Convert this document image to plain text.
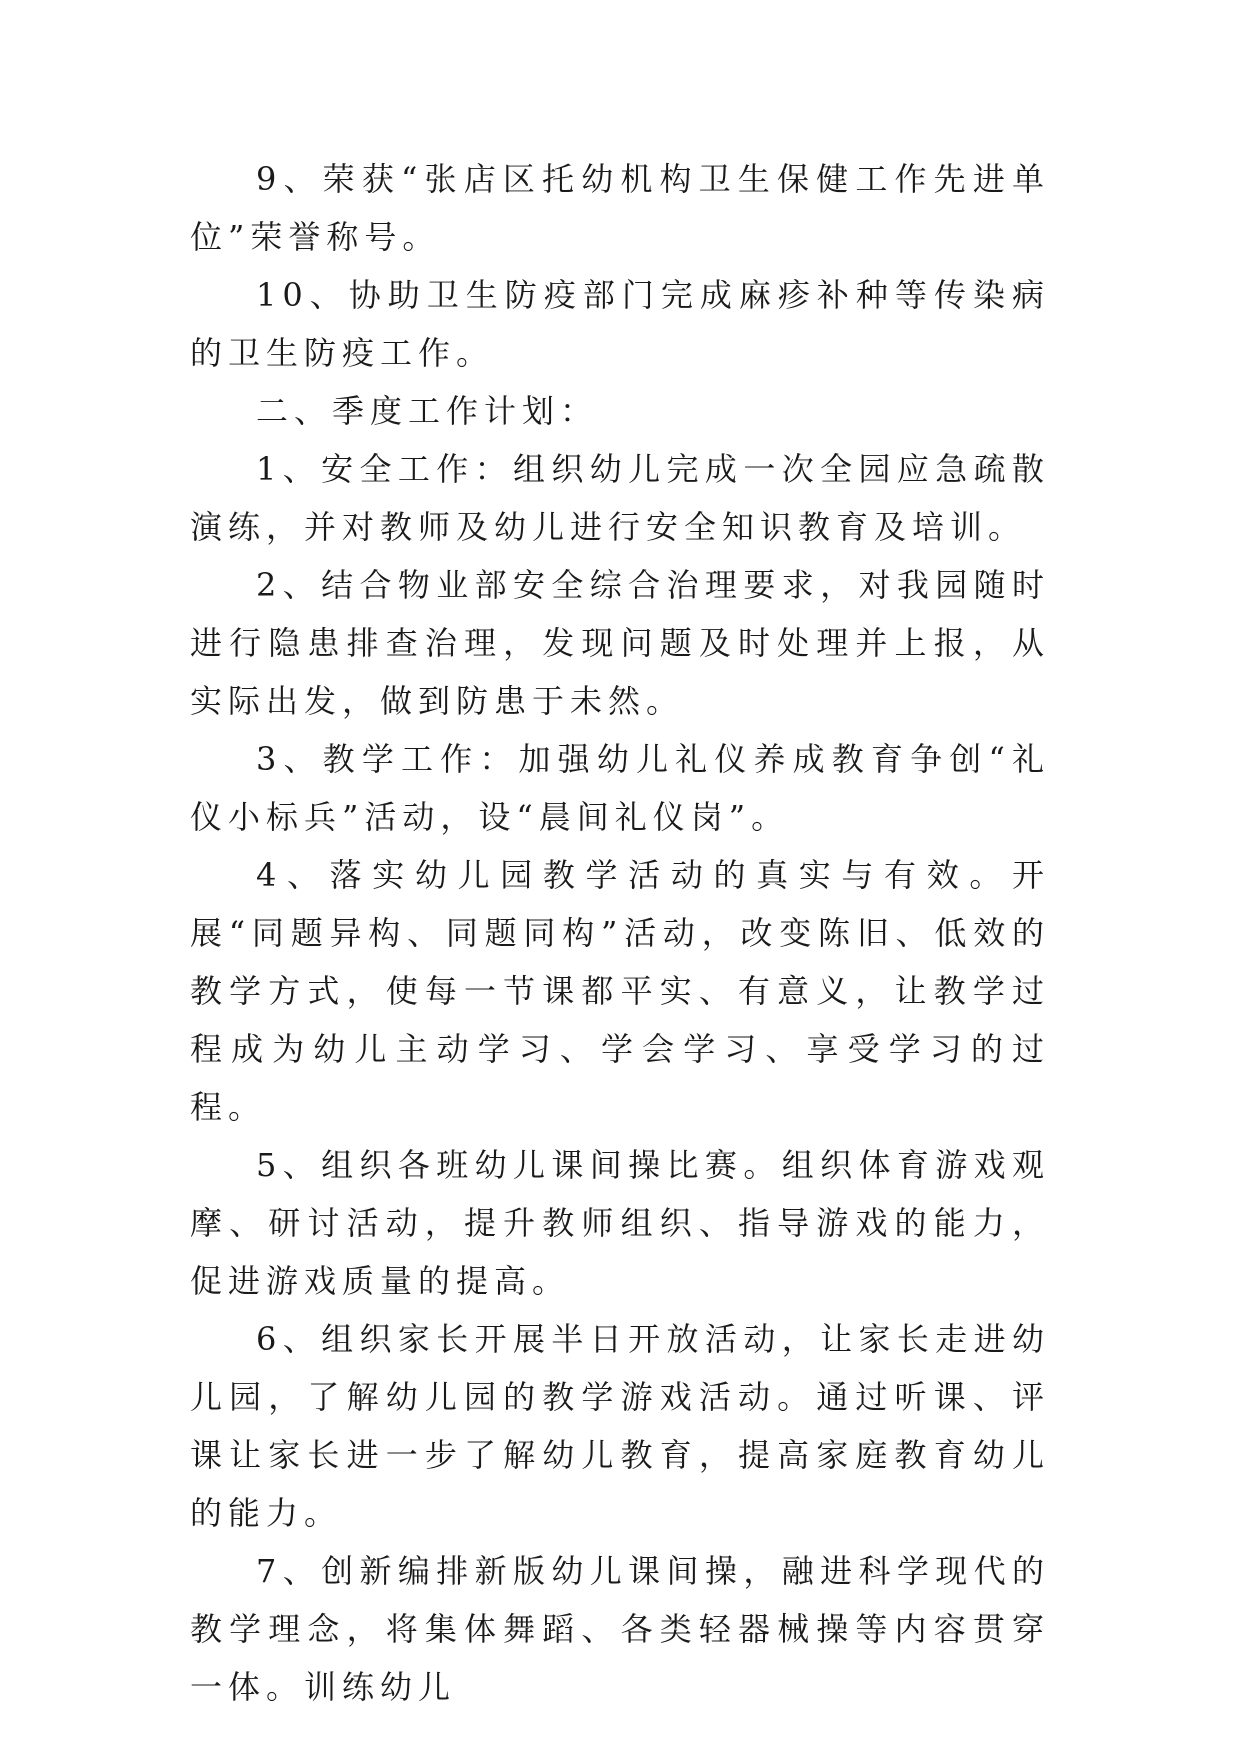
9、荣获“张店区托幼机构卫生保健工作先进单位”荣誉称号。

10、协助卫生防疫部门完成麻疹补种等传染病的卫生防疫工作。

二、季度工作计划：

1、安全工作：组织幼儿完成一次全园应急疏散演练，并对教师及幼儿进行安全知识教育及培训。

2、结合物业部安全综合治理要求，对我园随时进行隐患排查治理，发现问题及时处理并上报，从实际出发，做到防患于未然。

3、教学工作：加强幼儿礼仪养成教育争创“礼仪小标兵”活动，设“晨间礼仪岗”。

4、落实幼儿园教学活动的真实与有效。开展“同题异构、同题同构”活动，改变陈旧、低效的教学方式，使每一节课都平实、有意义，让教学过程成为幼儿主动学习、学会学习、享受学习的过程。

5、组织各班幼儿课间操比赛。组织体育游戏观摩、研讨活动，提升教师组织、指导游戏的能力，促进游戏质量的提高。

6、组织家长开展半日开放活动，让家长走进幼儿园，了解幼儿园的教学游戏活动。通过听课、评课让家长进一步了解幼儿教育，提高家庭教育幼儿的能力。

7、创新编排新版幼儿课间操，融进科学现代的教学理念，将集体舞蹈、各类轻器械操等内容贯穿一体。训练幼儿
